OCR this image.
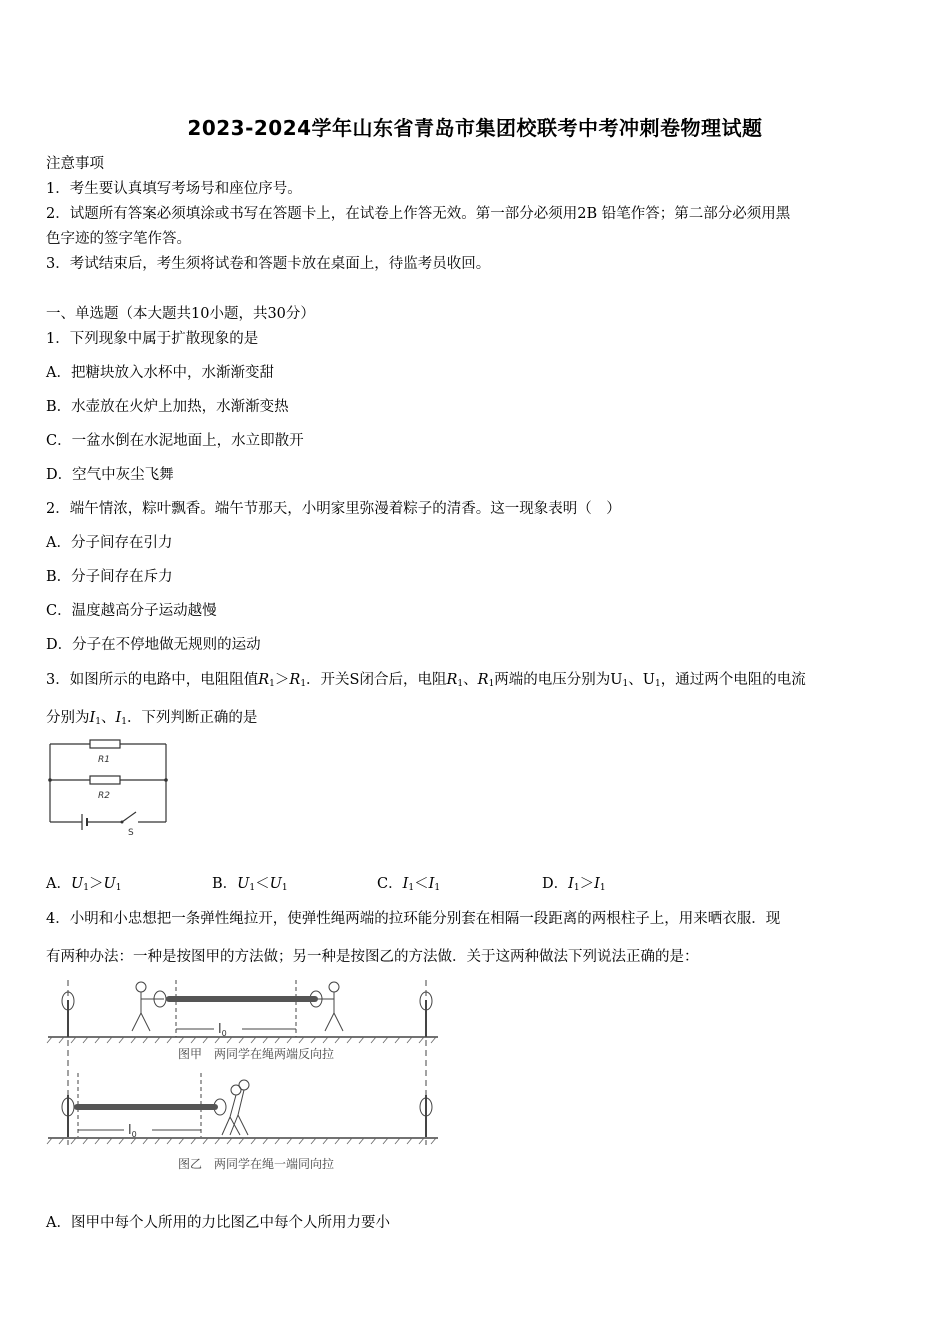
2023-2024学年山东省青岛市集团校联考中考冲刺卷物理试题
注意事项
1．考生要认真填写考场号和座位序号。
2．试题所有答案必须填涂或书写在答题卡上，在试卷上作答无效。第一部分必须用2B 铅笔作答；第二部分必须用黑
色字迹的签字笔作答。
3．考试结束后，考生须将试卷和答题卡放在桌面上，待监考员收回。
一、单选题（本大题共10小题，共30分）
1．下列现象中属于扩散现象的是
A．把糖块放入水杯中，水渐渐变甜
B．水壶放在火炉上加热，水渐渐变热
C．一盆水倒在水泥地面上，水立即散开
D．空气中灰尘飞舞
2．端午情浓，粽叶飘香。端午节那天，小明家里弥漫着粽子的清香。这一现象表明（　）
A．分子间存在引力
B．分子间存在斥力
C．温度越高分子运动越慢
D．分子在不停地做无规则的运动
3．如图所示的电路中，电阻阻值$R_1>R_1$．开关S闭合后，电阻$R_1$、$R_1$两端的电压分别为$U_1$、$U_1$，通过两个电阻的电流
分别为$I_1$、$I_1$．下列判断正确的是
R1
R2
S
A．$U_1>U_1$	B．$U_1<U_1$	C．$I_1<I_1$	D．$I_1>I_1$
4．小明和小忠想把一条弹性绳拉开，使弹性绳两端的拉环能分别套在相隔一段距离的两根柱子上，用来晒衣服．现
有两种办法：一种是按图甲的方法做；另一种是按图乙的方法做．关于这两种做法下列说法正确的是：
$l_0$
$l_0$
图甲　两同学在绳两端反向拉
图乙　两同学在绳一端同向拉
A．图甲中每个人所用的力比图乙中每个人所用力要小
